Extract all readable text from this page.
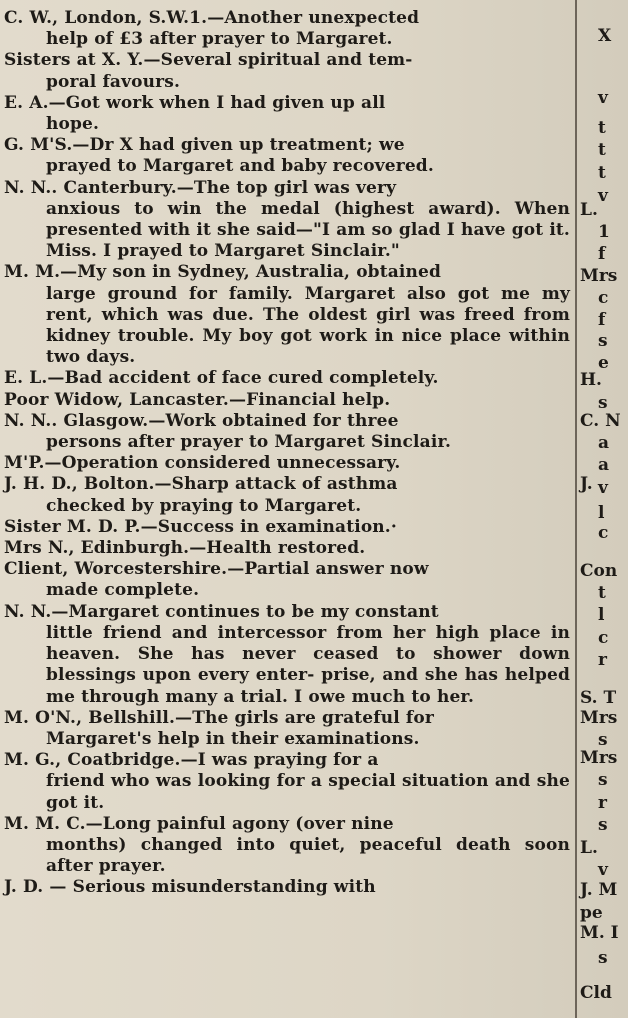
C. W., London, S.W.1.—Another unexpected
help of £3 after prayer to Margaret.
Sisters at X. Y.—Several spiritual and tem-
poral favours.
E. A.—Got work when I had given up all
hope.
G. M'S.—Dr X had given up treatment; we
prayed to Margaret and baby recovered.
N. N.. Canterbury.—The top girl was very
anxious to win the medal (highest award). When presented with it she said—"I am so glad I have got it. Miss. I prayed to Margaret Sinclair."
M. M.—My son in Sydney, Australia, obtained
large ground for family. Margaret also got me my rent, which was due. The oldest girl was freed from kidney trouble. My boy got work in nice place within two days.
E. L.—Bad accident of face cured completely.
Poor Widow, Lancaster.—Financial help.
N. N.. Glasgow.—Work obtained for three
persons after prayer to Margaret Sinclair.
M'P.—Operation considered unnecessary.
J. H. D., Bolton.—Sharp attack of asthma
checked by praying to Margaret.
Sister M. D. P.—Success in examination.·
Mrs N., Edinburgh.—Health restored.
Client, Worcestershire.—Partial answer now
made complete.
N. N.—Margaret continues to be my constant
little friend and intercessor from her high place in heaven. She has never ceased to shower down blessings upon every enter- prise, and she has helped me through many a trial. I owe much to her.
M. O'N., Bellshill.—The girls are grateful for
Margaret's help in their examinations.
M. G., Coatbridge.—I was praying for a
friend who was looking for a special situation and she got it.
M. M. C.—Long painful agony (over nine
months) changed into quiet, peaceful death soon after prayer.
J. D. — Serious misunderstanding with
X
v
t
t
t
v
L.
1
f
Mrs
c
f
s
e
H.
s
C. N
a
a
v
J.
l
c
Con
t
l
c
r
S. T
Mrs
s
Mrs
s
r
s
L.
v
J. M
pe
M. I
s
Cld
